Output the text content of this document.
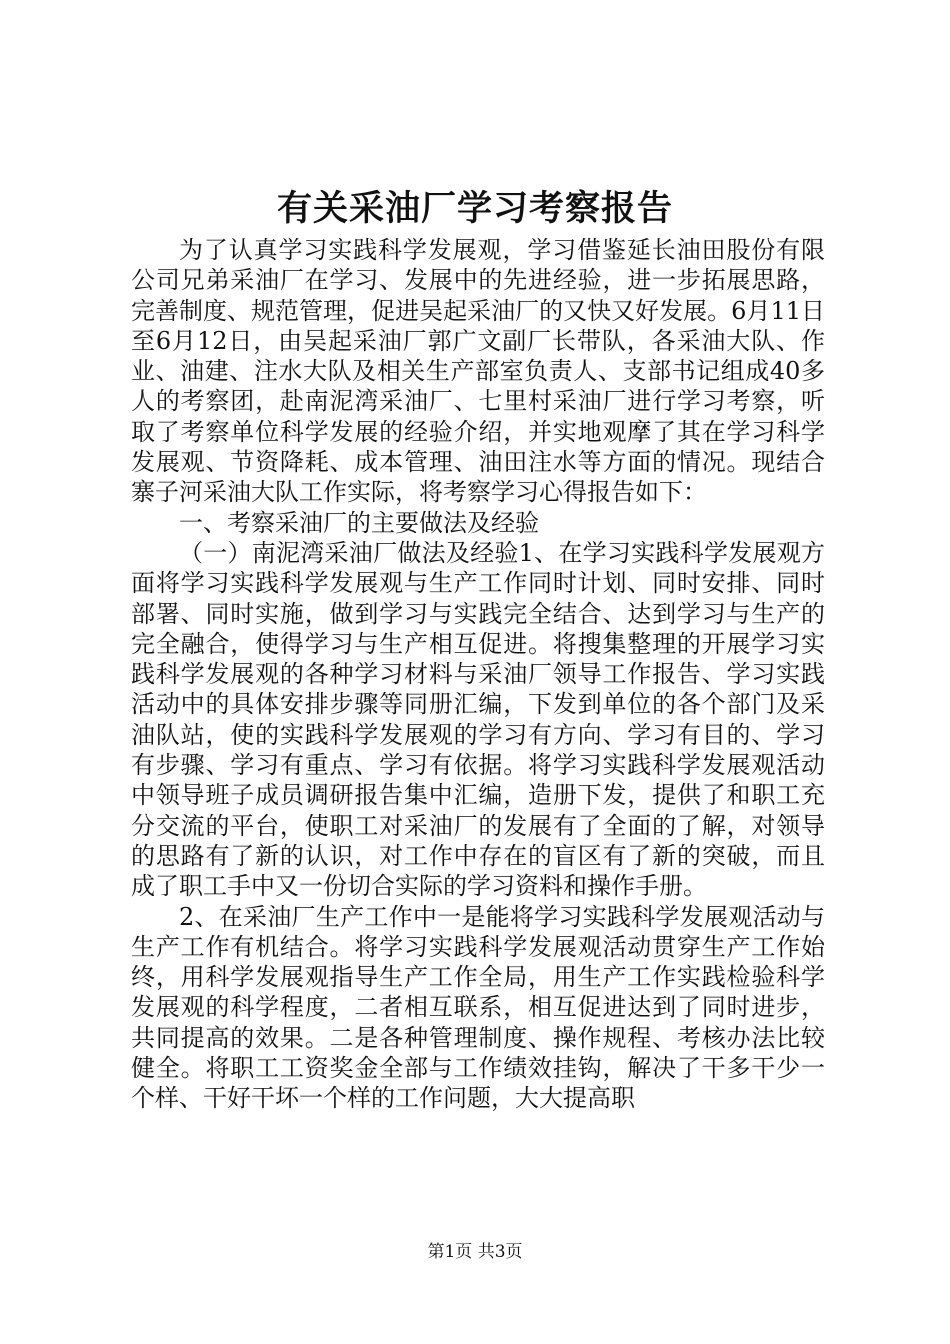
有关采油厂学习考察报告

为了认真学习实践科学发展观，学习借鉴延长油田股份有限公司兄弟采油厂在学习、发展中的先进经验，进一步拓展思路，完善制度、规范管理，促进吴起采油厂的又快又好发展。6月11日至6月12日，由吴起采油厂郭广文副厂长带队，各采油大队、作业、油建、注水大队及相关生产部室负责人、支部书记组成40多人的考察团，赴南泥湾采油厂、七里村采油厂进行学习考察，听取了考察单位科学发展的经验介绍，并实地观摩了其在学习科学发展观、节资降耗、成本管理、油田注水等方面的情况。现结合寨子河采油大队工作实际，将考察学习心得报告如下：

一、考察采油厂的主要做法及经验

（一）南泥湾采油厂做法及经验1、在学习实践科学发展观方面将学习实践科学发展观与生产工作同时计划、同时安排、同时部署、同时实施，做到学习与实践完全结合、达到学习与生产的完全融合，使得学习与生产相互促进。将搜集整理的开展学习实践科学发展观的各种学习材料与采油厂领导工作报告、学习实践活动中的具体安排步骤等同册汇编，下发到单位的各个部门及采油队站，使的实践科学发展观的学习有方向、学习有目的、学习有步骤、学习有重点、学习有依据。将学习实践科学发展观活动中领导班子成员调研报告集中汇编，造册下发，提供了和职工充分交流的平台，使职工对采油厂的发展有了全面的了解，对领导的思路有了新的认识，对工作中存在的盲区有了新的突破，而且成了职工手中又一份切合实际的学习资料和操作手册。

2、在采油厂生产工作中一是能将学习实践科学发展观活动与生产工作有机结合。将学习实践科学发展观活动贯穿生产工作始终，用科学发展观指导生产工作全局，用生产工作实践检验科学发展观的科学程度，二者相互联系，相互促进达到了同时进步，共同提高的效果。二是各种管理制度、操作规程、考核办法比较健全。将职工工资奖金全部与工作绩效挂钩，解决了干多干少一个样、干好干坏一个样的工作问题，大大提高职

第1页 共3页
